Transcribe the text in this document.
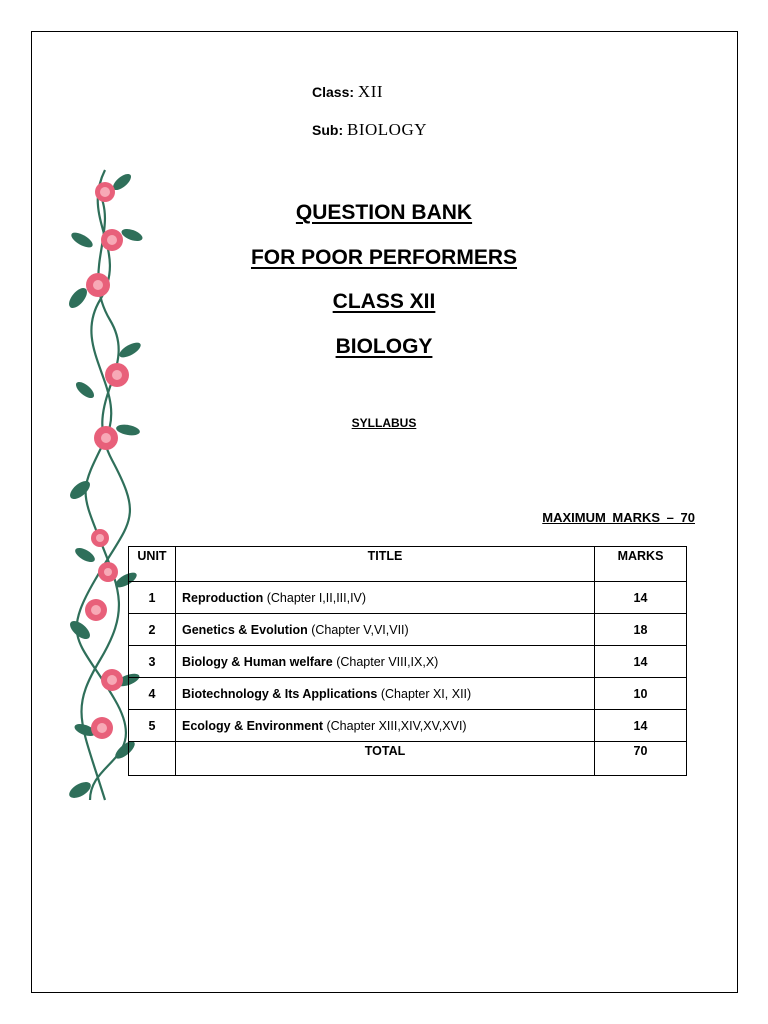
Class: XII
Sub: BIOLOGY
QUESTION BANK
FOR POOR PERFORMERS
CLASS XII
BIOLOGY
SYLLABUS
MAXIMUM MARKS – 70
UNIT	TITLE	MARKS
1	Reproduction (Chapter I,II,III,IV)	14
2	Genetics & Evolution (Chapter V,VI,VII)	18
3	Biology & Human welfare (Chapter VIII,IX,X)	14
4	Biotechnology & Its Applications (Chapter XI, XII)	10
5	Ecology & Environment (Chapter XIII,XIV,XV,XVI)	14
	TOTAL	70
